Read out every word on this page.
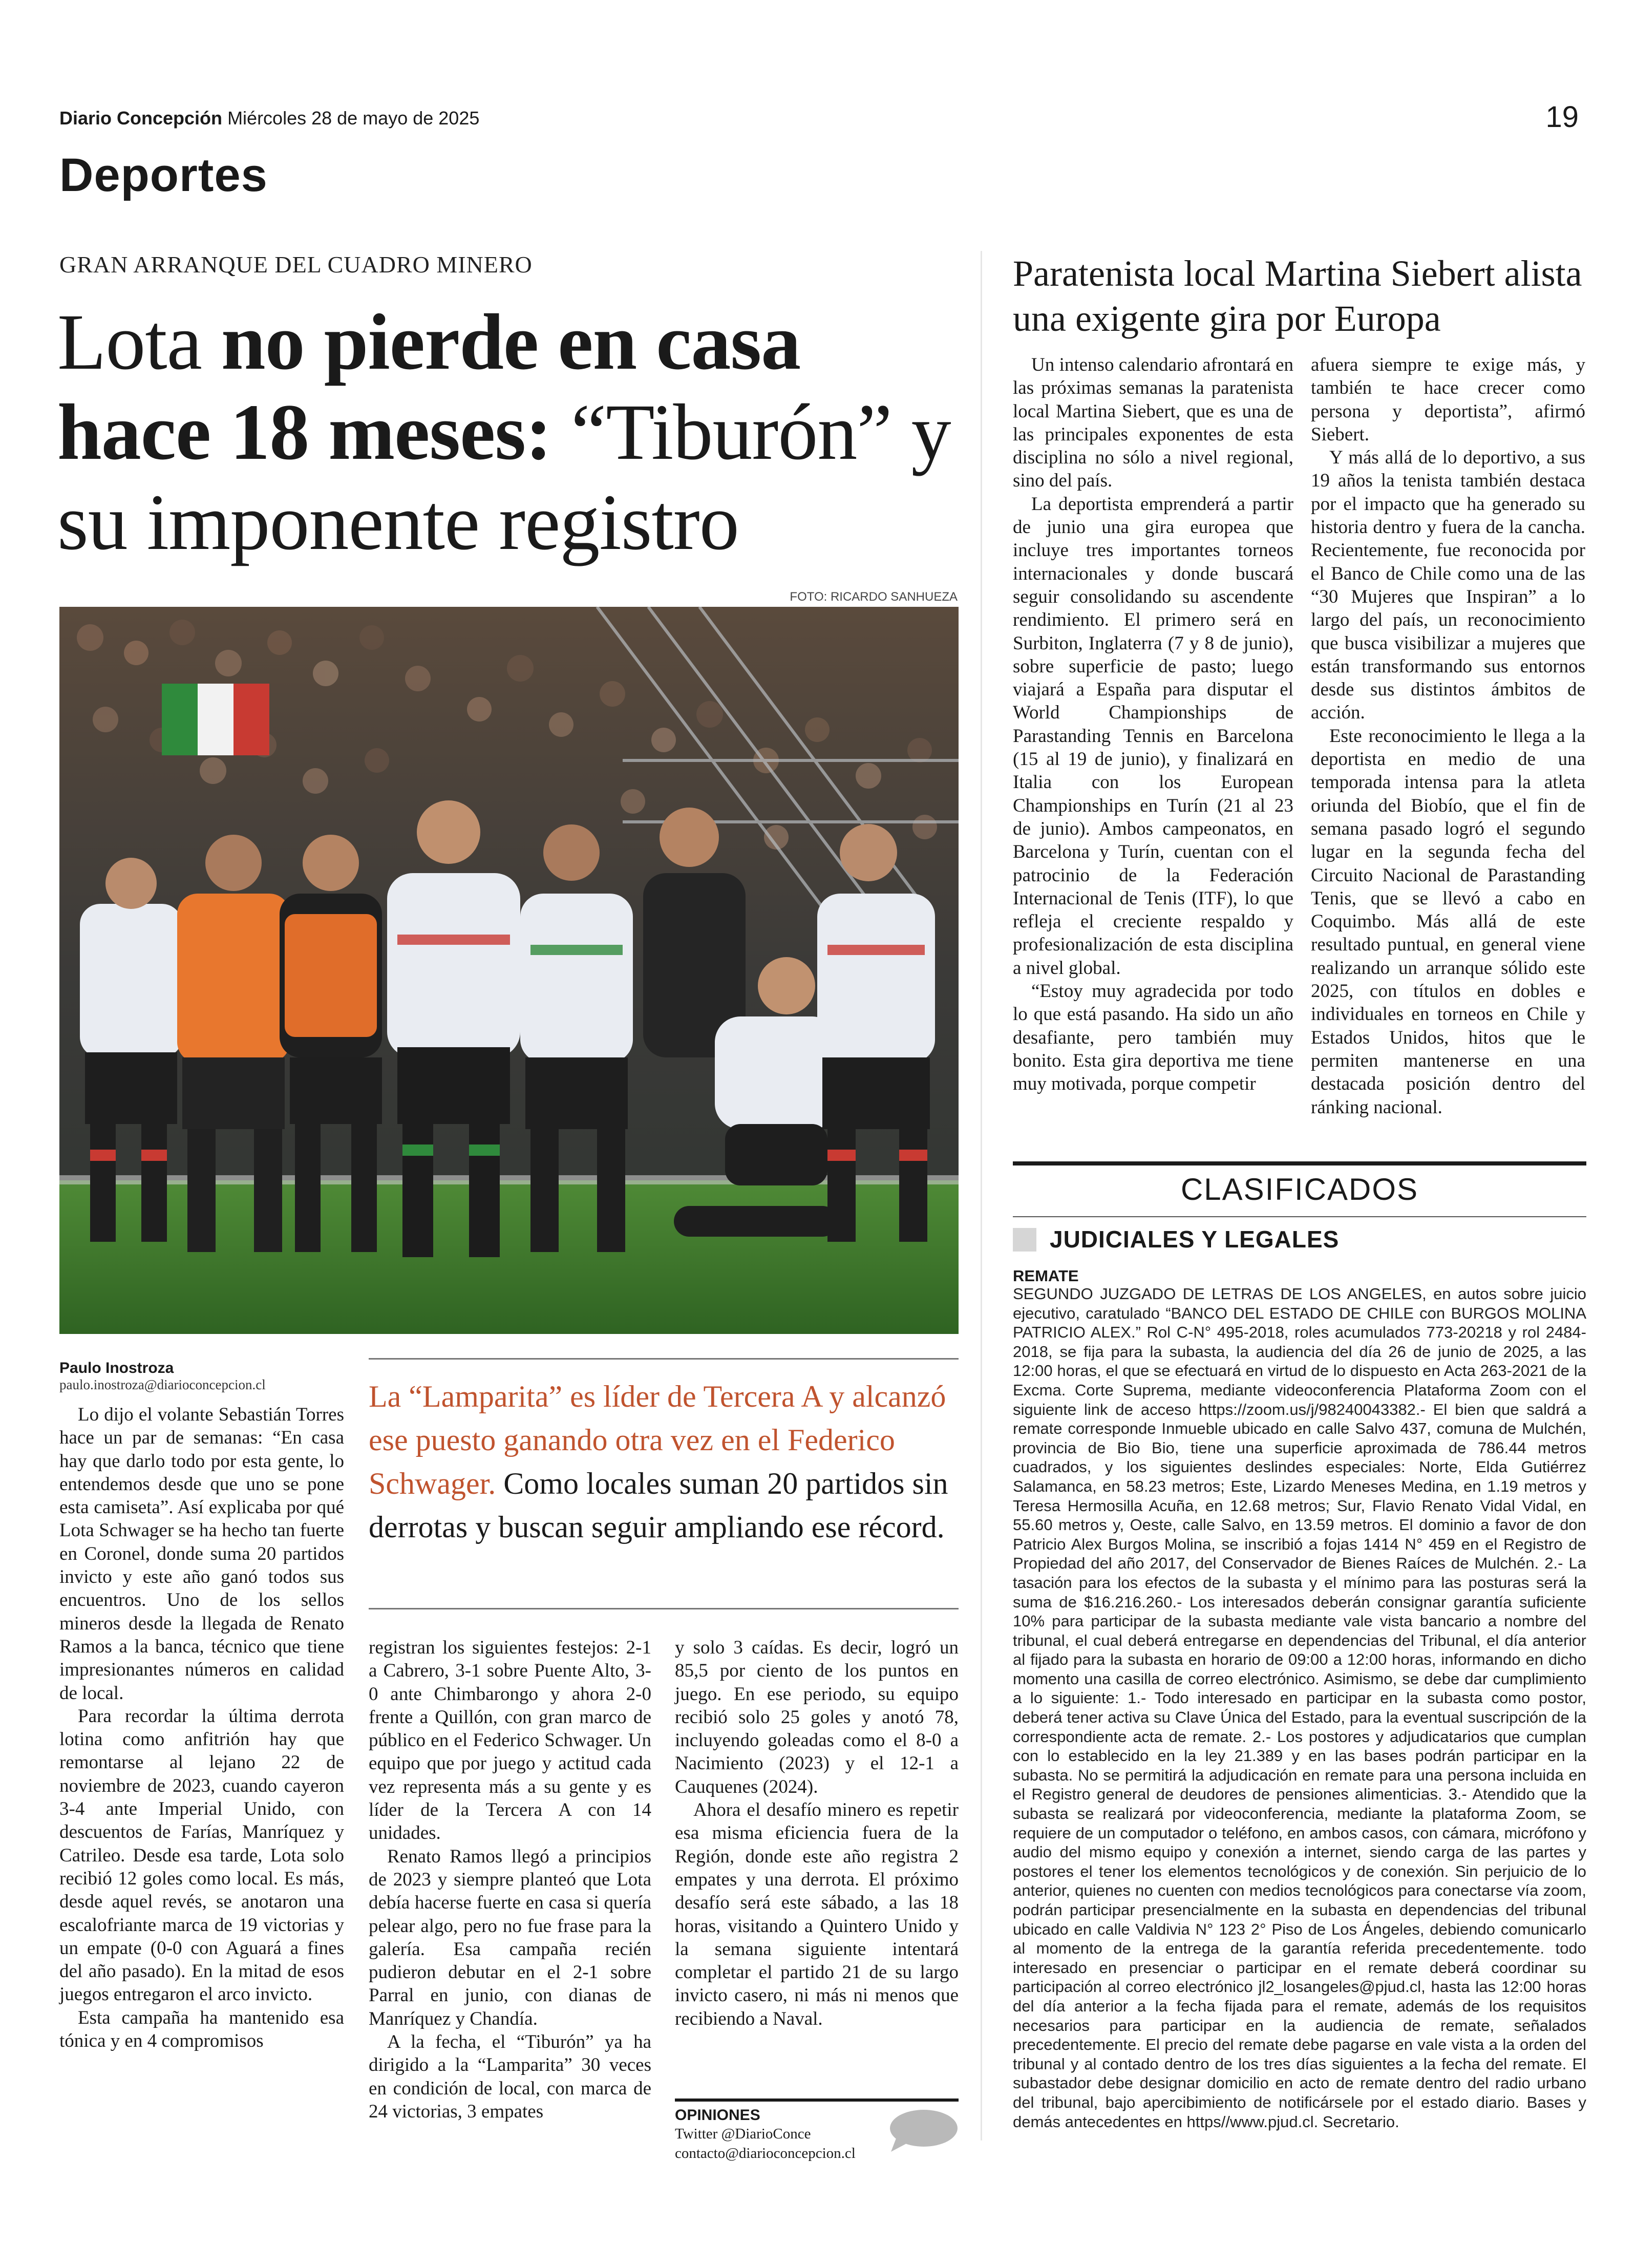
Diario Concepción Miércoles 28 de mayo de 2025	19
Deportes
GRAN ARRANQUE DEL CUADRO MINERO
Lota no pierde en casa hace 18 meses: “Tiburón” y su imponente registro
FOTO: RICARDO SANHUEZA
Paulo Inostroza
paulo.inostroza@diarioconcepcion.cl

Lo dijo el volante Sebastián Torres hace un par de semanas: “En casa hay que darlo todo por esta gente, lo entendemos desde que uno se pone esta camiseta”. Así explicaba por qué Lota Schwager se ha hecho tan fuerte en Coronel, donde suma 20 partidos invicto y este año ganó todos sus encuentros. Uno de los sellos mineros desde la llegada de Renato Ramos a la banca, técnico que tiene impresionantes números en calidad de local.

Para recordar la última derrota lotina como anfitrión hay que remontarse al lejano 22 de noviembre de 2023, cuando cayeron 3-4 ante Imperial Unido, con descuentos de Farías, Manríquez y Catrileo. Desde esa tarde, Lota solo recibió 12 goles como local. Es más, desde aquel revés, se anotaron una escalofriante marca de 19 victorias y un empate (0-0 con Aguará a fines del año pasado). En la mitad de esos juegos entregaron el arco invicto.

Esta campaña ha mantenido esa tónica y en 4 compromisos

La “Lamparita” es líder de Tercera A y alcanzó ese puesto ganando otra vez en el Federico Schwager. Como locales suman 20 partidos sin derrotas y buscan seguir ampliando ese récord.

registran los siguientes festejos: 2-1 a Cabrero, 3-1 sobre Puente Alto, 3-0 ante Chimbarongo y ahora 2-0 frente a Quillón, con gran marco de público en el Federico Schwager. Un equipo que por juego y actitud cada vez representa más a su gente y es líder de la Tercera A con 14 unidades.

Renato Ramos llegó a principios de 2023 y siempre planteó que Lota debía hacerse fuerte en casa si quería pelear algo, pero no fue frase para la galería. Esa campaña recién pudieron debutar en el 2-1 sobre Parral en junio, con dianas de Manríquez y Chandía.

A la fecha, el “Tiburón” ya ha dirigido a la “Lamparita” 30 veces en condición de local, con marca de 24 victorias, 3 empates

y solo 3 caídas. Es decir, logró un 85,5 por ciento de los puntos en juego. En ese periodo, su equipo recibió solo 25 goles y anotó 78, incluyendo goleadas como el 8-0 a Nacimiento (2023) y el 12-1 a Cauquenes (2024).

Ahora el desafío minero es repetir esa misma eficiencia fuera de la Región, donde este año registra 2 empates y una derrota. El próximo desafío será este sábado, a las 18 horas, visitando a Quintero Unido y la semana siguiente intentará completar el partido 21 de su largo invicto casero, ni más ni menos que recibiendo a Naval.

OPINIONES
Twitter @DiarioConce
contacto@diarioconcepcion.cl
Paratenista local Martina Siebert alista una exigente gira por Europa

Un intenso calendario afrontará en las próximas semanas la paratenista local Martina Siebert, que es una de las principales exponentes de esta disciplina no sólo a nivel regional, sino del país.

La deportista emprenderá a partir de junio una gira europea que incluye tres importantes torneos internacionales y donde buscará seguir consolidando su ascendente rendimiento. El primero será en Surbiton, Inglaterra (7 y 8 de junio), sobre superficie de pasto; luego viajará a España para disputar el World Championships de Parastanding Tennis en Barcelona (15 al 19 de junio), y finalizará en Italia con los European Championships en Turín (21 al 23 de junio). Ambos campeonatos, en Barcelona y Turín, cuentan con el patrocinio de la Federación Internacional de Tenis (ITF), lo que refleja el creciente respaldo y profesionalización de esta disciplina a nivel global.

“Estoy muy agradecida por todo lo que está pasando. Ha sido un año desafiante, pero también muy bonito. Esta gira deportiva me tiene muy motivada, porque competir

afuera siempre te exige más, y también te hace crecer como persona y deportista”, afirmó Siebert.

Y más allá de lo deportivo, a sus 19 años la tenista también destaca por el impacto que ha generado su historia dentro y fuera de la cancha. Recientemente, fue reconocida por el Banco de Chile como una de las “30 Mujeres que Inspiran” a lo largo del país, un reconocimiento que busca visibilizar a mujeres que están transformando sus entornos desde sus distintos ámbitos de acción.

Este reconocimiento le llega a la deportista en medio de una temporada intensa para la atleta oriunda del Biobío, que el fin de semana pasado logró el segundo lugar en la segunda fecha del Circuito Nacional de Parastanding Tenis, que se llevó a cabo en Coquimbo. Más allá de este resultado puntual, en general viene realizando un arranque sólido este 2025, con títulos en dobles e individuales en torneos en Chile y Estados Unidos, hitos que le permiten mantenerse en una destacada posición dentro del ránking nacional.

CLASIFICADOS
JUDICIALES Y LEGALES
REMATE
SEGUNDO JUZGADO DE LETRAS DE LOS ANGELES, en autos sobre juicio ejecutivo, caratulado “BANCO DEL ESTADO DE CHILE con BURGOS MOLINA PATRICIO ALEX.” Rol C-N° 495-2018, roles acumulados 773-20218 y rol 2484- 2018, se fija para la subasta, la audiencia del día 26 de junio de 2025, a las 12:00 horas, el que se efectuará en virtud de lo dispuesto en Acta 263-2021 de la Excma. Corte Suprema, mediante videoconferencia Plataforma Zoom con el siguiente link de acceso https://zoom.us/j/98240043382.- El bien que saldrá a remate corresponde Inmueble ubicado en calle Salvo 437, comuna de Mulchén, provincia de Bio Bio, tiene una superficie aproximada de 786.44 metros cuadrados, y los siguientes deslindes especiales: Norte, Elda Gutiérrez Salamanca, en 58.23 metros; Este, Lizardo Meneses Medina, en 1.19 metros y Teresa Hermosilla Acuña, en 12.68 metros; Sur, Flavio Renato Vidal Vidal, en 55.60 metros y, Oeste, calle Salvo, en 13.59 metros. El dominio a favor de don Patricio Alex Burgos Molina, se inscribió a fojas 1414 N° 459 en el Registro de Propiedad del año 2017, del Conservador de Bienes Raíces de Mulchén. 2.- La tasación para los efectos de la subasta y el mínimo para las posturas será la suma de $16.216.260.- Los interesados deberán consignar garantía suficiente 10% para participar de la subasta mediante vale vista bancario a nombre del tribunal, el cual deberá entregarse en dependencias del Tribunal, el día anterior al fijado para la subasta en horario de 09:00 a 12:00 horas, informando en dicho momento una casilla de correo electrónico. Asimismo, se debe dar cumplimiento a lo siguiente: 1.- Todo interesado en participar en la subasta como postor, deberá tener activa su Clave Única del Estado, para la eventual suscripción de la correspondiente acta de remate. 2.- Los postores y adjudicatarios que cumplan con lo establecido en la ley 21.389 y en las bases podrán participar en la subasta. No se permitirá la adjudicación en remate para una persona incluida en el Registro general de deudores de pensiones alimenticias. 3.- Atendido que la subasta se realizará por videoconferencia, mediante la plataforma Zoom, se requiere de un computador o teléfono, en ambos casos, con cámara, micrófono y audio del mismo equipo y conexión a internet, siendo carga de las partes y postores el tener los elementos tecnológicos y de conexión. Sin perjuicio de lo anterior, quienes no cuenten con medios tecnológicos para conectarse vía zoom, podrán participar presencialmente en la subasta en dependencias del tribunal ubicado en calle Valdivia N° 123 2° Piso de Los Ángeles, debiendo comunicarlo al momento de la entrega de la garantía referida precedentemente. todo interesado en presenciar o participar en el remate deberá coordinar su participación al correo electrónico jl2_losangeles@pjud.cl, hasta las 12:00 horas del día anterior a la fecha fijada para el remate, además de los requisitos necesarios para participar en la audiencia de remate, señalados precedentemente. El precio del remate debe pagarse en vale vista a la orden del tribunal y al contado dentro de los tres días siguientes a la fecha del remate. El subastador debe designar domicilio en acto de remate dentro del radio urbano del tribunal, bajo apercibimiento de notificársele por el estado diario. Bases y demás antecedentes en https//www.pjud.cl. Secretario.
